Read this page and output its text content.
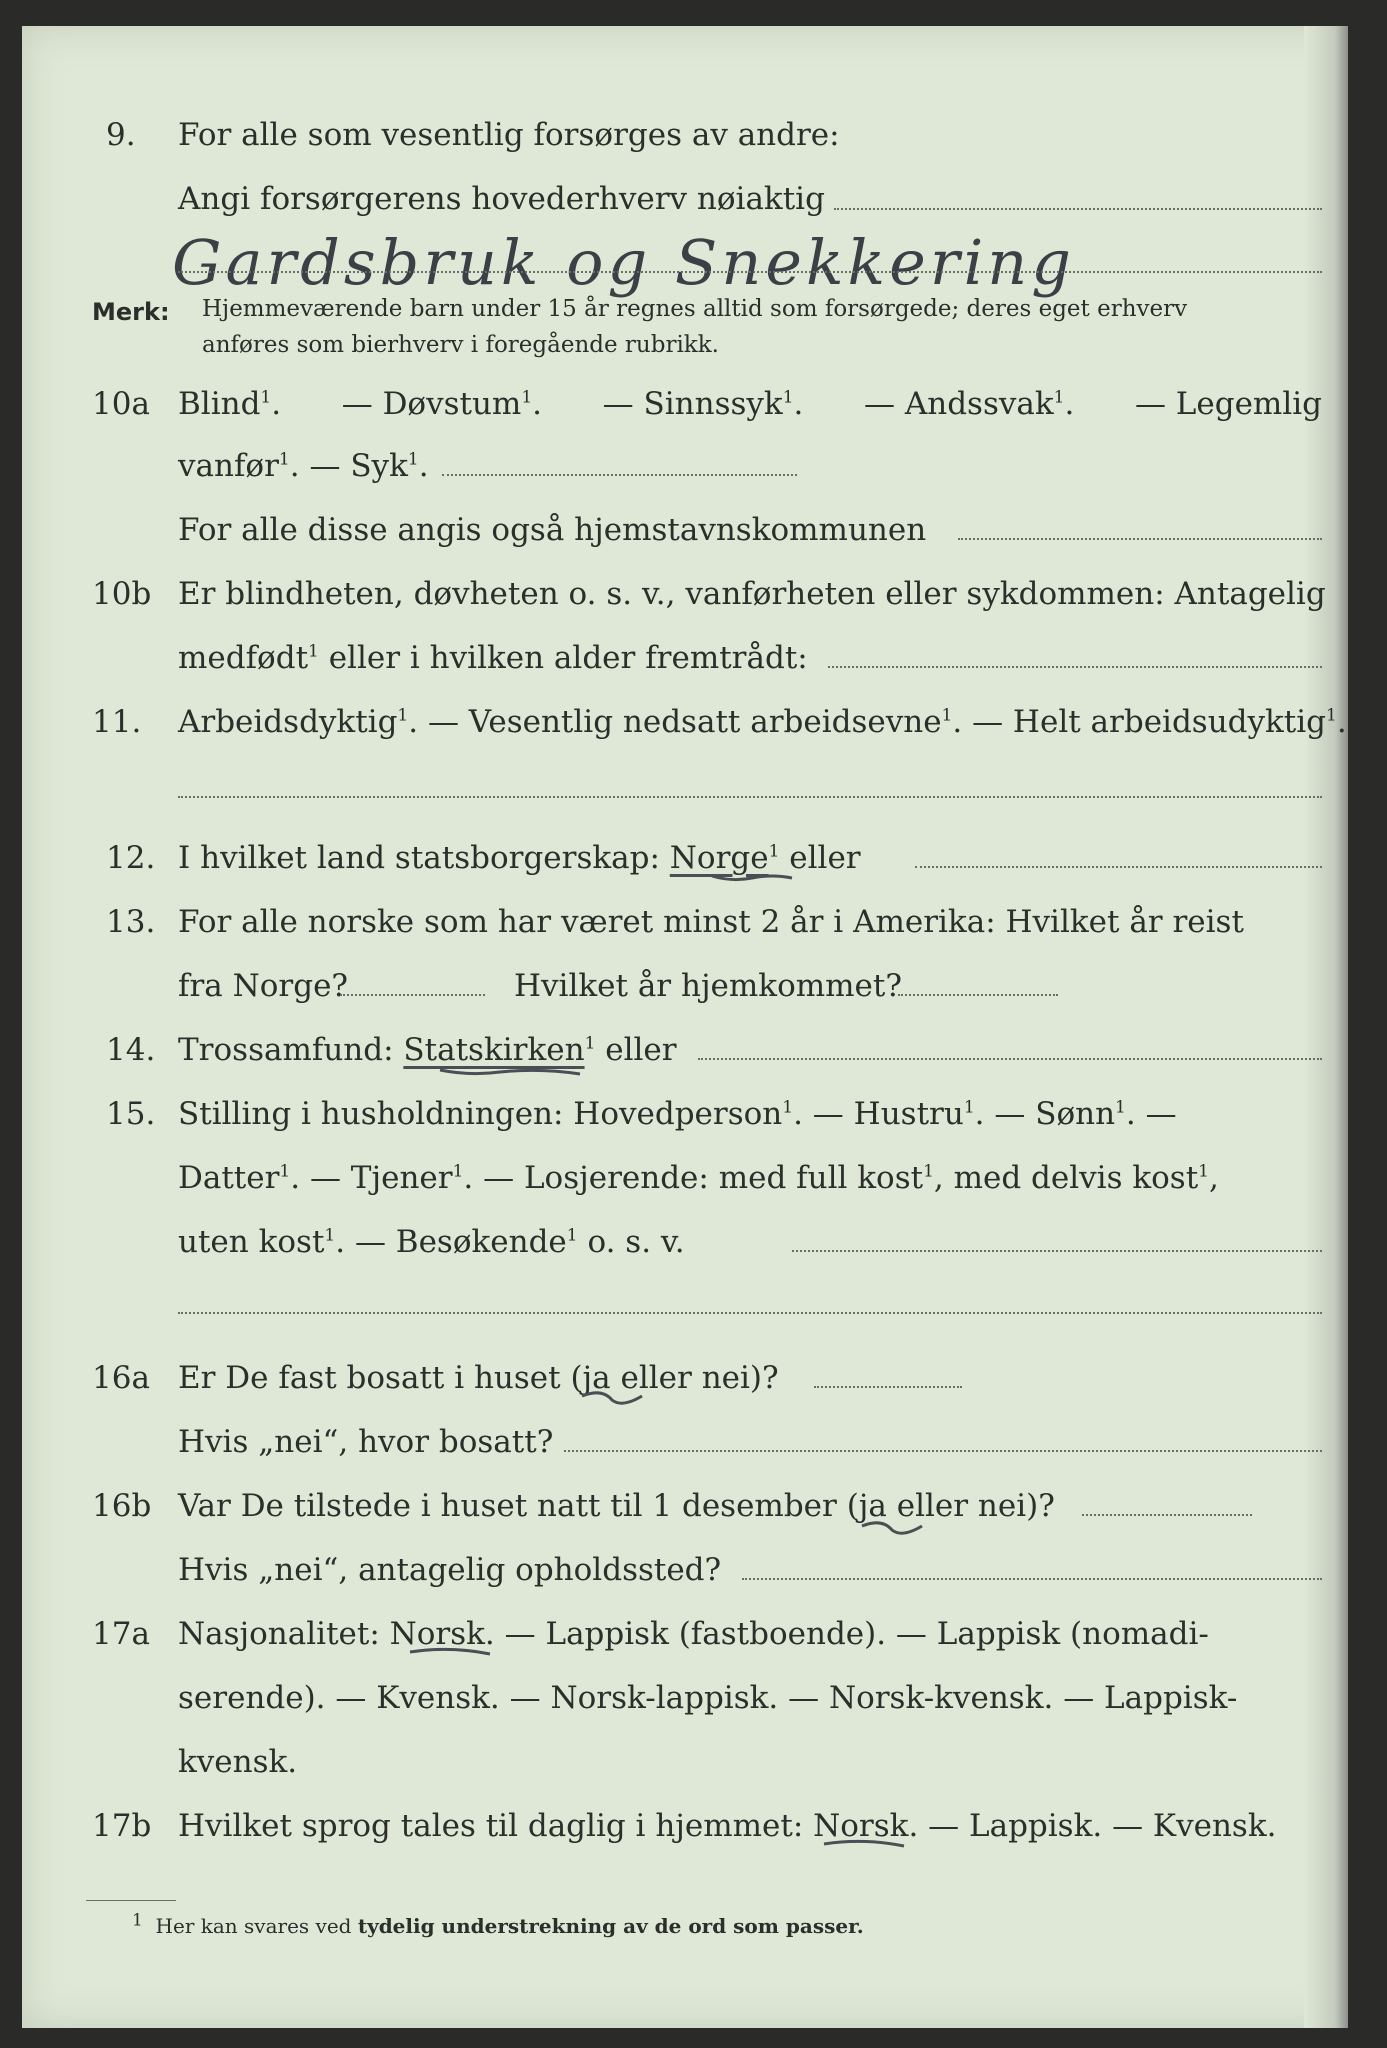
9. For alle som vesentlig forsørges av andre:
Angi forsørgerens hovederhverv nøiaktig
Gardsbruk og Snekkering
Merk: Hjemmeværende barn under 15 år regnes alltid som forsørgede; deres eget erhverv
anføres som bierhverv i foregående rubrikk.
10a Blind$^1$. — Døvstum$^1$. — Sinnssyk$^1$. — Andssvak$^1$. — Legemlig
vanfør$^1$. — Syk$^1$.
For alle disse angis også hjemstavnskommunen
10b Er blindheten, døvheten o. s. v., vanførheten eller sykdommen: Antagelig
medfødt$^1$ eller i hvilken alder fremtrådt:
11. Arbeidsdyktig$^1$. — Vesentlig nedsatt arbeidsevne$^1$. — Helt arbeidsudyktig$^1$.
12. I hvilket land statsborgerskap: Norge$^1$ eller
13. For alle norske som har været minst 2 år i Amerika: Hvilket år reist
fra Norge?	Hvilket år hjemkommet?
14. Trossamfund: Statskirken$^1$ eller
15. Stilling i husholdningen: Hovedperson$^1$. — Hustru$^1$. — Sønn$^1$. —
Datter$^1$. — Tjener$^1$. — Losjerende: med full kost$^1$, med delvis kost$^1$,
uten kost$^1$. — Besøkende$^1$ o. s. v.
16a Er De fast bosatt i huset (ja eller nei)?
Hvis „nei“, hvor bosatt?
16b Var De tilstede i huset natt til 1 desember (ja eller nei)?
Hvis „nei“, antagelig opholdssted?
17a Nasjonalitet: Norsk. — Lappisk (fastboende). — Lappisk (nomadi-
serende). — Kvensk. — Norsk-lappisk. — Norsk-kvensk. — Lappisk-
kvensk.
17b Hvilket sprog tales til daglig i hjemmet: Norsk. — Lappisk. — Kvensk.
$^1$ Her kan svares ved tydelig understrekning av de ord som passer.
